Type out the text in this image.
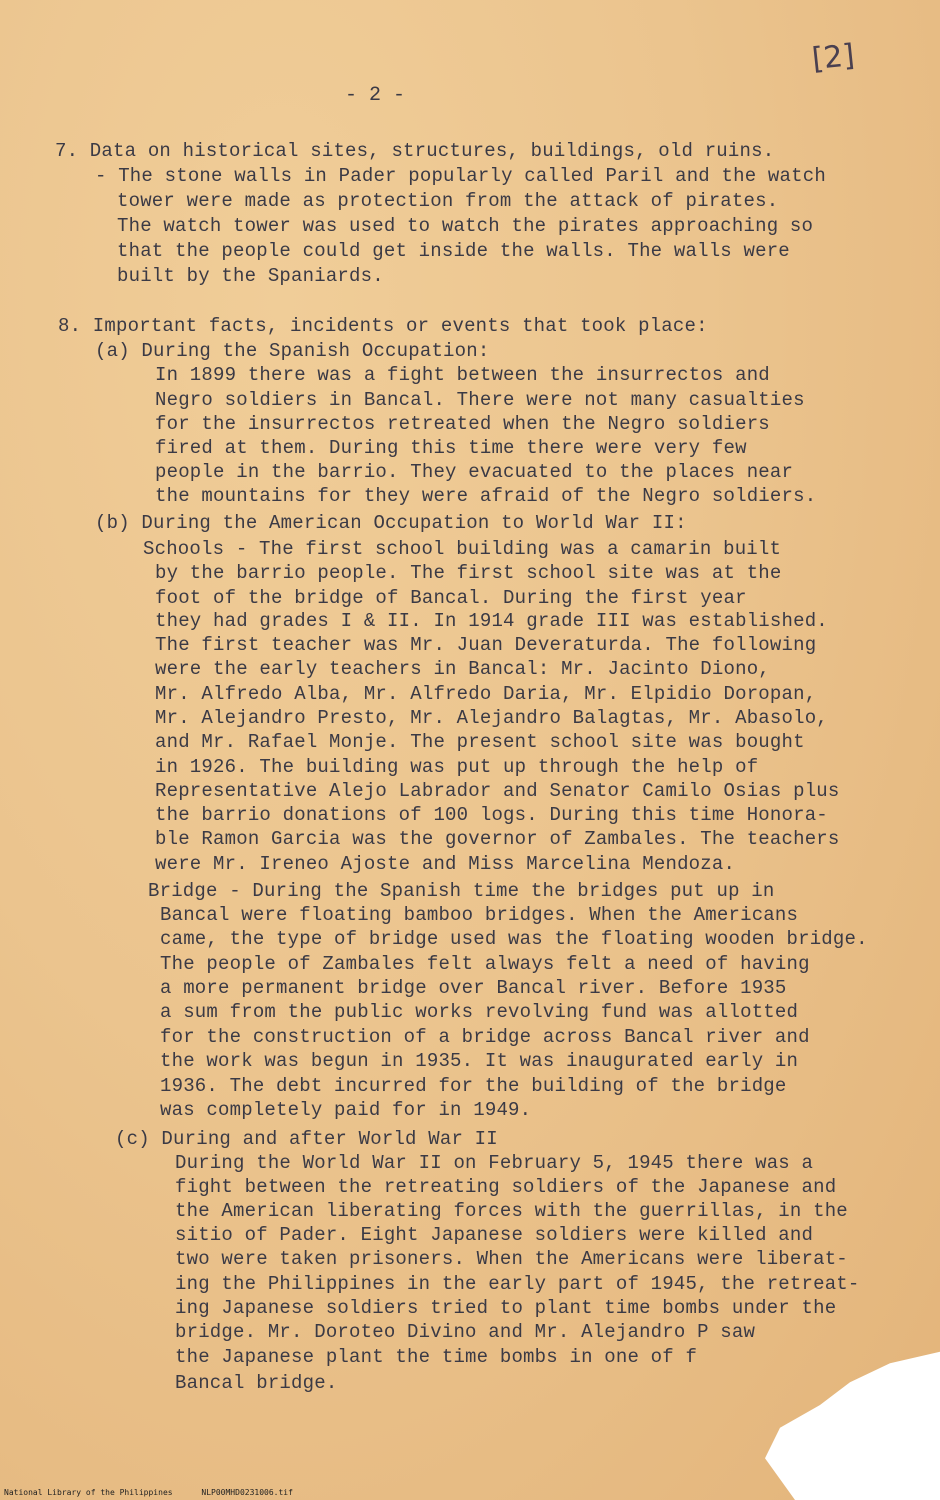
[2]
- 2 -
7. Data on historical sites, structures, buildings, old ruins.
- The stone walls in Pader popularly called Paril and the watch
tower were made as protection from the attack of pirates.
The watch tower was used to watch the pirates approaching so
that the people could get inside the walls. The walls were
built by the Spaniards.
8. Important facts, incidents or events that took place:
(a) During the Spanish Occupation:
In 1899 there was a fight between the insurrectos and
Negro soldiers in Bancal. There were not many casualties
for the insurrectos retreated when the Negro soldiers
fired at them. During this time there were very few
people in the barrio. They evacuated to the places near
the mountains for they were afraid of the Negro soldiers.
(b) During the American Occupation to World War II:
Schools - The first school building was a camarin built
by the barrio people. The first school site was at the
foot of the bridge of Bancal. During the first year
they had grades I & II. In 1914 grade III was established.
The first teacher was Mr. Juan Deveraturda. The following
were the early teachers in Bancal: Mr. Jacinto Diono,
Mr. Alfredo Alba, Mr. Alfredo Daria, Mr. Elpidio Doropan,
Mr. Alejandro Presto, Mr. Alejandro Balagtas, Mr. Abasolo,
and Mr. Rafael Monje. The present school site was bought
in 1926. The building was put up through the help of
Representative Alejo Labrador and Senator Camilo Osias plus
the barrio donations of 100 logs. During this time Honora-
ble Ramon Garcia was the governor of Zambales. The teachers
were Mr. Ireneo Ajoste and Miss Marcelina Mendoza.
Bridge - During the Spanish time the bridges put up in
Bancal were floating bamboo bridges. When the Americans
came, the type of bridge used was the floating wooden bridge.
The people of Zambales felt always felt a need of having
a more permanent bridge over Bancal river. Before 1935
a sum from the public works revolving fund was allotted
for the construction of a bridge across Bancal river and
the work was begun in 1935. It was inaugurated early in
1936. The debt incurred for the building of the bridge
was completely paid for in 1949.
(c) During and after World War II
During the World War II on February 5, 1945 there was a
fight between the retreating soldiers of the Japanese and
the American liberating forces with the guerrillas, in the
sitio of Pader. Eight Japanese soldiers were killed and
two were taken prisoners. When the Americans were liberat-
ing the Philippines in the early part of 1945, the retreat-
ing Japanese soldiers tried to plant time bombs under the
bridge. Mr. Doroteo Divino and Mr. Alejandro P saw
the Japanese plant the time bombs in one of f
Bancal bridge.
National Library of the Philippines	NLP00MHD0231006.tif
